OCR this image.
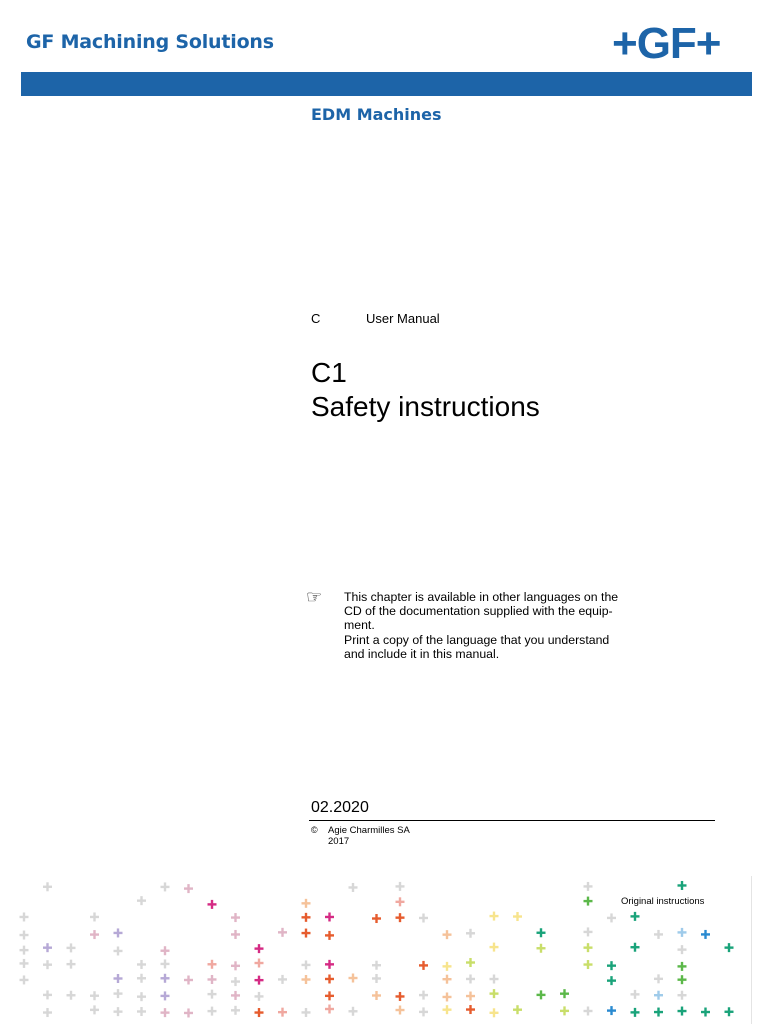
GF Machining Solutions	+GF+
EDM Machines
C	User Manual
C1
Safety instructions
☞ This chapter is available in other languages on the
CD of the documentation supplied with the equip-
ment.
Print a copy of the language that you understand
and include it in this manual.
02.2020
© Agie Charmilles SA
2017
Original instructions
